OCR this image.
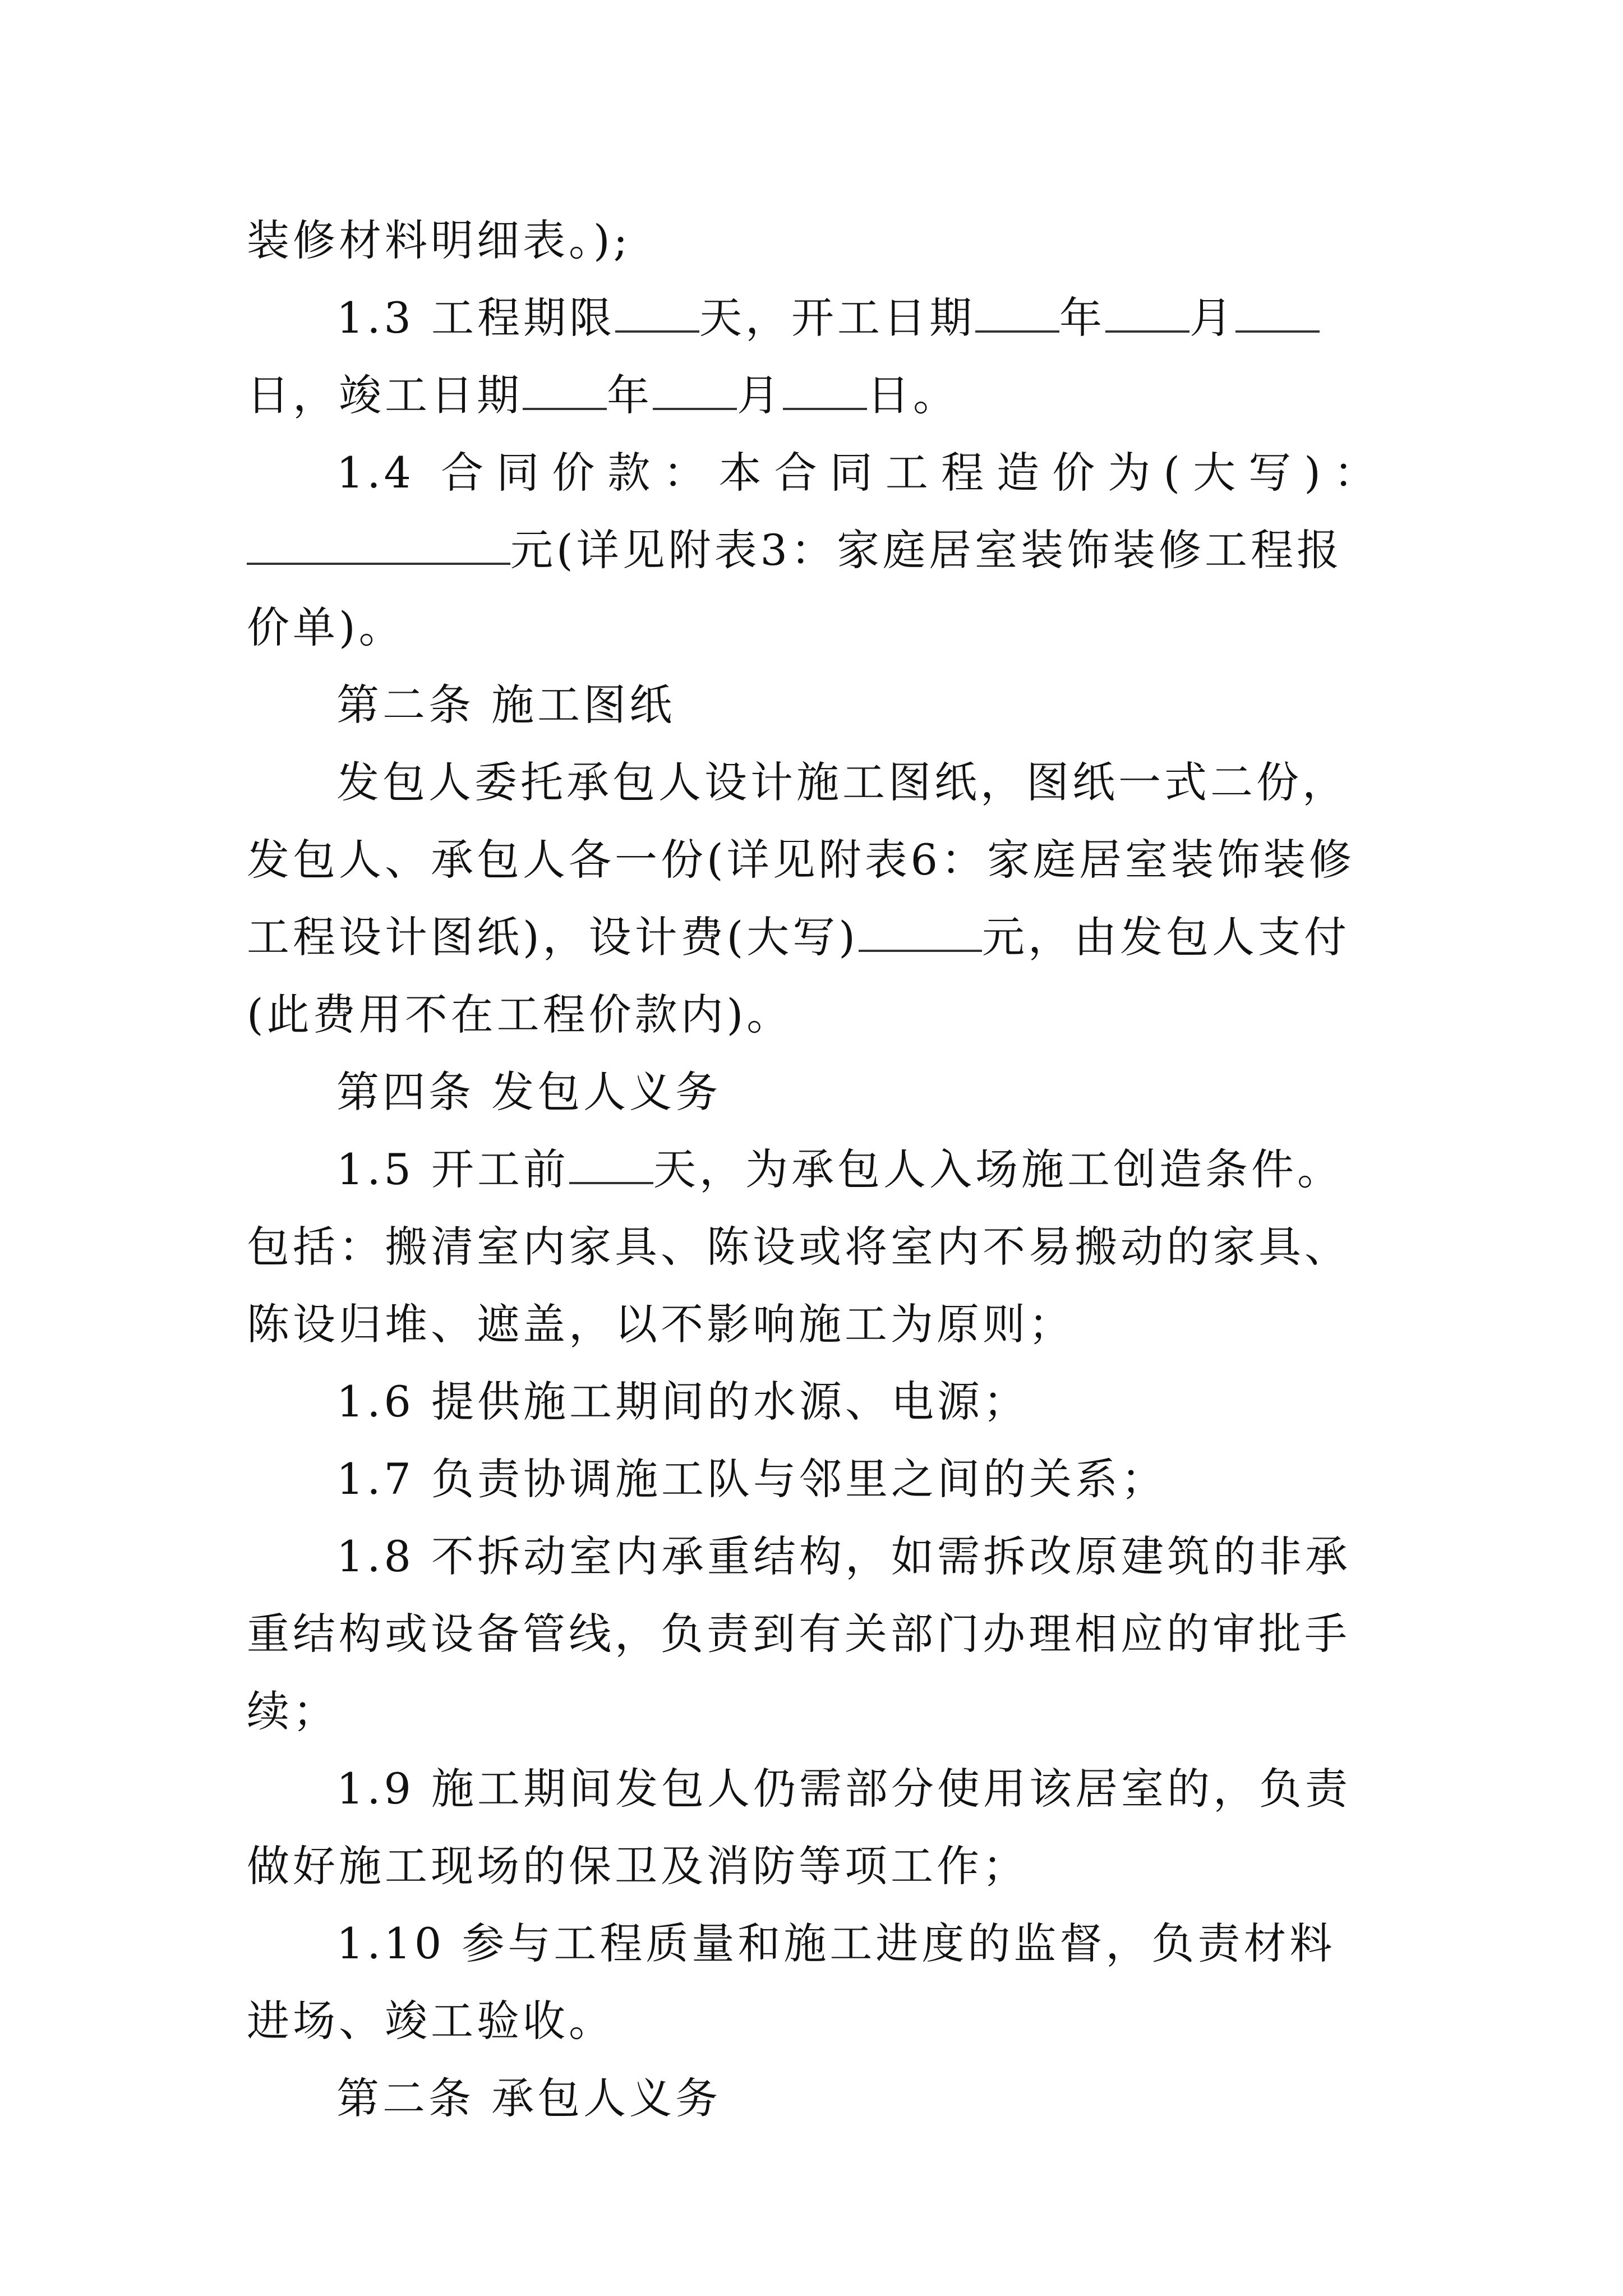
装修材料明细表。);

1.3 工程期限 天，开工日期 年 月日，竣工日期 年 月 日。

1.4 合同价款：本合同工程造价为(大写)：

元(详见附表3：家庭居室装饰装修工程报价单)。

第二条 施工图纸

发包人委托承包人设计施工图纸，图纸一式二份，发包人、承包人各一份(详见附表6：家庭居室装饰装修工程设计图纸)，设计费(大写)	元，由发包人支付(此费用不在工程价款内)。

第四条 发包人义务

1.5 开工前 天，为承包人入场施工创造条件。包括：搬清室内家具、陈设或将室内不易搬动的家具、陈设归堆、遮盖，以不影响施工为原则；

1.6 提供施工期间的水源、电源；

1.7 负责协调施工队与邻里之间的关系；

1.8 不拆动室内承重结构，如需拆改原建筑的非承重结构或设备管线，负责到有关部门办理相应的审批手续；

1.9 施工期间发包人仍需部分使用该居室的，负责做好施工现场的保卫及消防等项工作；

1.10 参与工程质量和施工进度的监督，负责材料进场、竣工验收。

第二条 承包人义务
